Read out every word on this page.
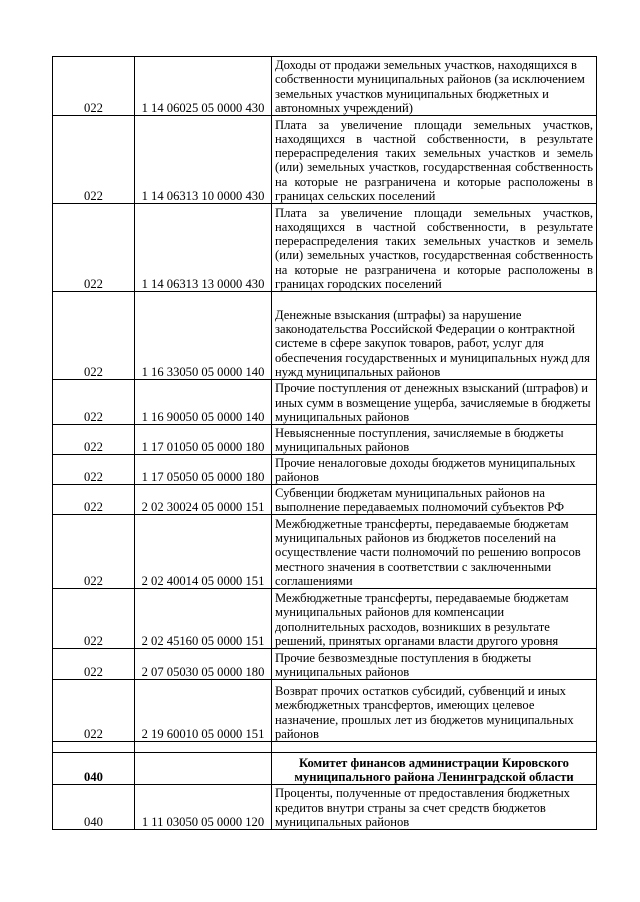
022	1 14 06025 05 0000 430	Доходы от продажи земельных участков, находящихся в собственности муниципальных районов (за исключением земельных участков муниципальных бюджетных и автономных учреждений)
022	1 14 06313 10 0000 430	Плата за увеличение площади земельных участков, находящихся в частной собственности, в результате перераспределения таких земельных участков и земель (или) земельных участков, государственная собственность на которые не разграничена и которые расположены в границах сельских поселений
022	1 14 06313 13 0000 430	Плата за увеличение площади земельных участков, находящихся в частной собственности, в результате перераспределения таких земельных участков и земель (или) земельных участков, государственная собственность на которые не разграничена и которые расположены в границах городских поселений
022	1 16 33050 05 0000 140	Денежные взыскания (штрафы) за нарушение законодательства Российской Федерации о контрактной системе в сфере закупок товаров, работ, услуг для обеспечения государственных и муниципальных нужд для нужд муниципальных районов
022	1 16 90050 05 0000 140	Прочие поступления от денежных взысканий (штрафов) и иных сумм в возмещение ущерба, зачисляемые в бюджеты муниципальных районов
022	1 17 01050 05 0000 180	Невыясненные поступления, зачисляемые в бюджеты муниципальных районов
022	1 17 05050 05 0000 180	Прочие неналоговые доходы бюджетов муниципальных районов
022	2 02 30024 05 0000 151	Субвенции бюджетам муниципальных районов на выполнение передаваемых полномочий субъектов РФ
022	2 02 40014 05 0000 151	Межбюджетные трансферты, передаваемые бюджетам муниципальных районов из бюджетов поселений на осуществление части полномочий по решению вопросов местного значения в соответствии с заключенными соглашениями
022	2 02 45160 05 0000 151	Межбюджетные трансферты, передаваемые бюджетам муниципальных районов для компенсации дополнительных расходов, возникших в результате решений, принятых органами власти другого уровня
022	2 07 05030 05 0000 180	Прочие безвозмездные поступления в бюджеты муниципальных районов
022	2 19 60010 05 0000 151	Возврат прочих остатков субсидий, субвенций и иных межбюджетных трансфертов, имеющих целевое назначение, прошлых лет из бюджетов муниципальных районов

040		Комитет финансов администрации Кировского муниципального района Ленинградской области
040	1 11 03050 05 0000 120	Проценты, полученные от предоставления бюджетных кредитов внутри страны за счет средств бюджетов муниципальных районов
